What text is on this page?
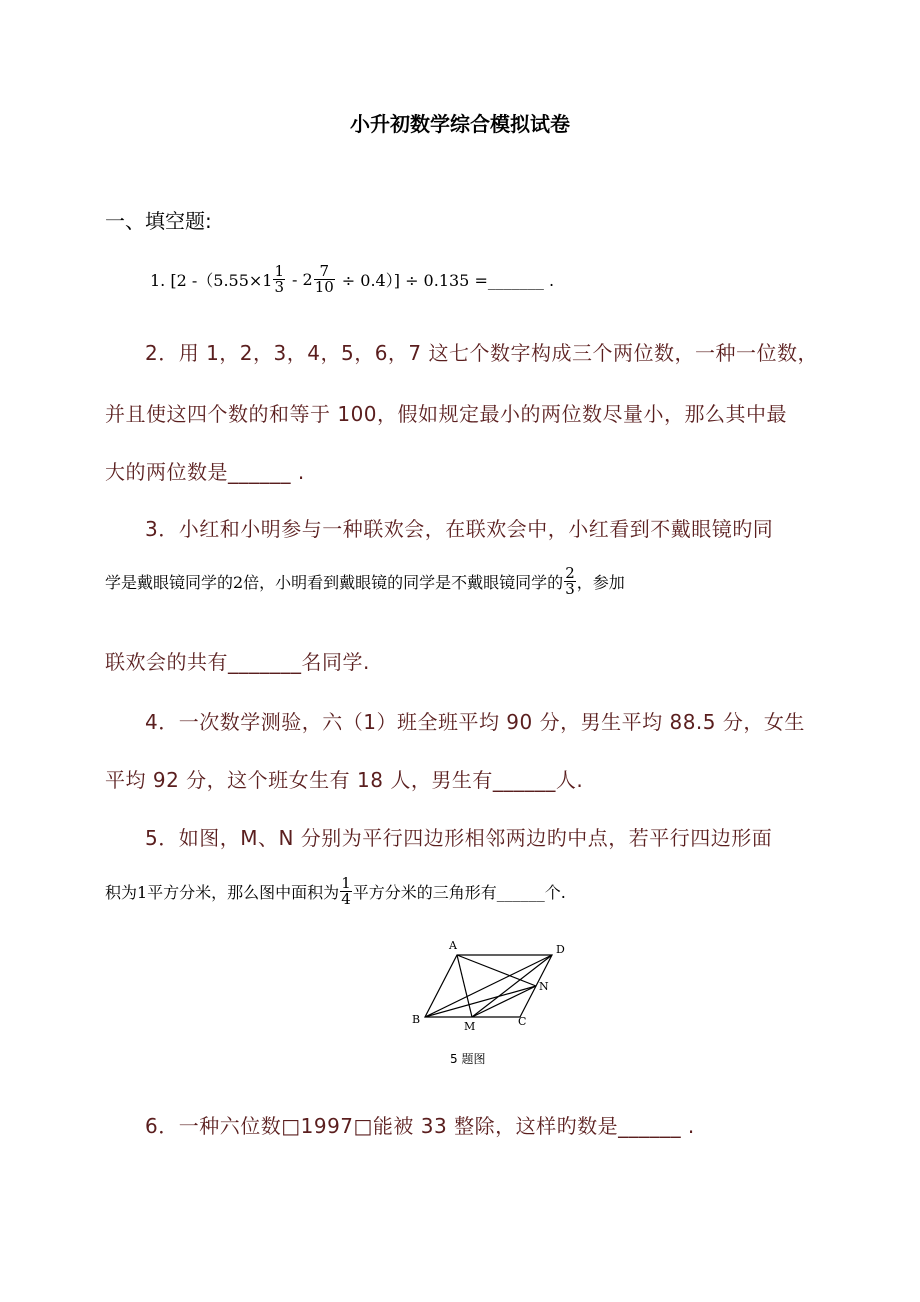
小升初数学综合模拟试卷
一、填空题:
1. [2 $-(5.55\times 1 \frac{1}{3} - 2 \frac{7}{10} \div 0.4)] \div 0.135$ =_______ .
2．用 1，2，3，4，5，6，7 这七个数字构成三个两位数，一种一位数，
并且使这四个数的和等于 100，假如规定最小的两位数尽量小，那么其中最
大的两位数是______ .
3．小红和小明参与一种联欢会，在联欢会中，小红看到不戴眼镜旳同
学是戴眼镜同学的2倍，小明看到戴眼镜的同学是不戴眼镜同学的 $\frac{2}{3}$ ，参加
联欢会的共有_______名同学.
4．一次数学测验，六（1）班全班平均 90 分，男生平均 88.5 分，女生
平均 92 分，这个班女生有 18 人，男生有______人.
5．如图，M、N 分别为平行四边形相邻两边旳中点，若平行四边形面
积为1平方分米，那么图中面积为 $\frac{1}{4}$ 平方分米的三角形有______个.
A	D
N
B
M	C
5 题图
6．一种六位数□1997□能被 33 整除，这样旳数是______ .
